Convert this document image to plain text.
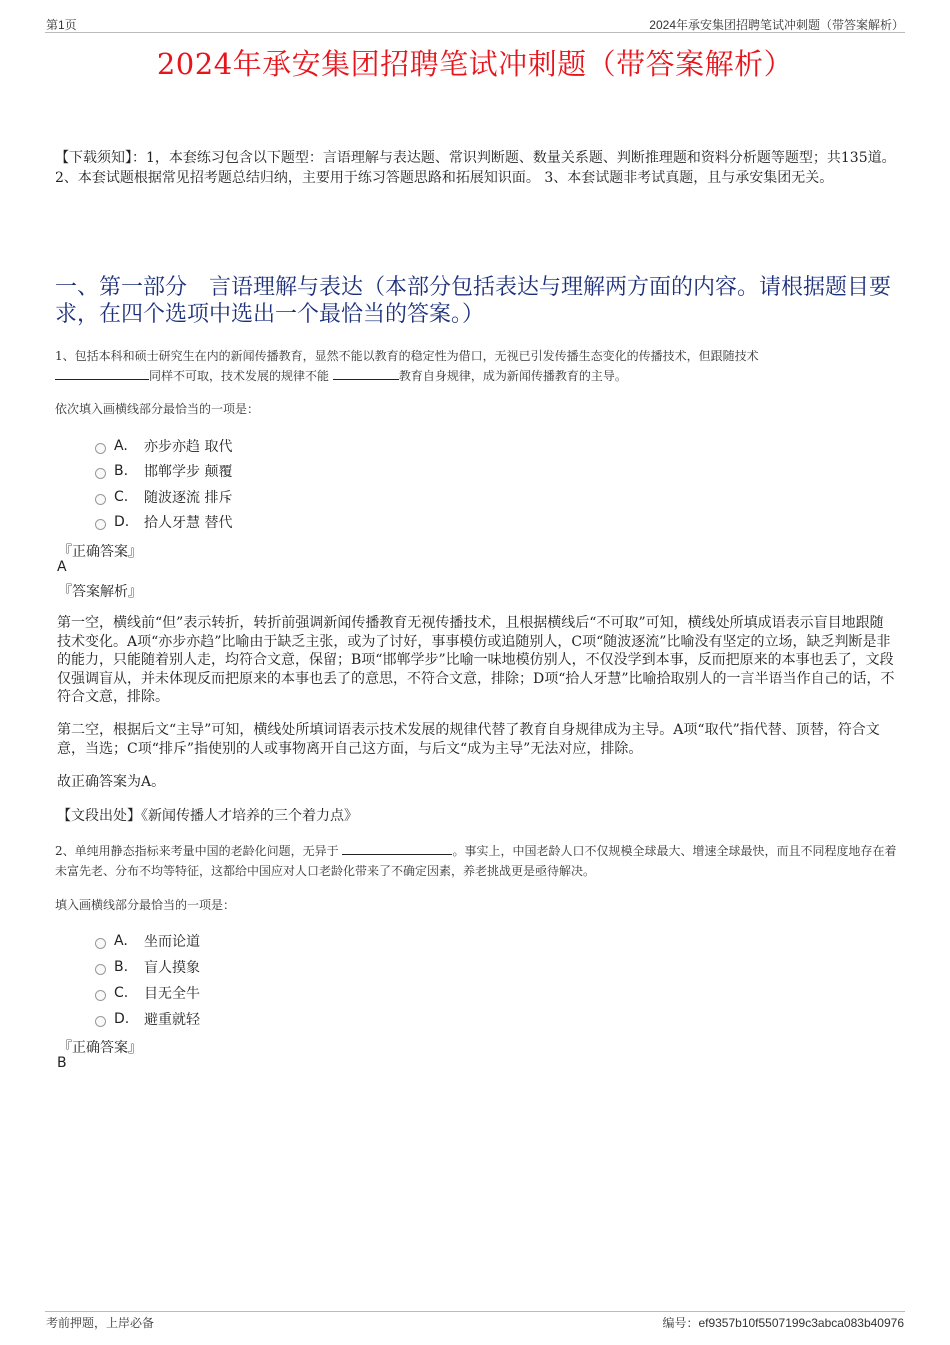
第1页	2024年承安集团招聘笔试冲刺题（带答案解析）
2024年承安集团招聘笔试冲刺题（带答案解析）
【下载须知】：1，本套练习包含以下题型：言语理解与表达题、常识判断题、数量关系题、判断推理题和资料分析题等题型；共135道。 2、本套试题根据常见招考题总结归纳，主要用于练习答题思路和拓展知识面。 3、本套试题非考试真题，且与承安集团无关。
一、第一部分　言语理解与表达（本部分包括表达与理解两方面的内容。请根据题目要求，在四个选项中选出一个最恰当的答案。）
1、包括本科和硕士研究生在内的新闻传播教育，显然不能以教育的稳定性为借口，无视已引发传播生态变化的传播技术，但跟随技术
同样不可取，技术发展的规律不能	教育自身规律，成为新闻传播教育的主导。
依次填入画横线部分最恰当的一项是：
A.	亦步亦趋 取代
B.	邯郸学步 颠覆
C.	随波逐流 排斥
D.	拾人牙慧 替代
『正确答案』
A
『答案解析』
第一空，横线前“但”表示转折，转折前强调新闻传播教育无视传播技术，且根据横线后“不可取”可知，横线处所填成语表示盲目地跟随技术变化。A项“亦步亦趋”比喻由于缺乏主张，或为了讨好，事事模仿或追随别人，C项“随波逐流”比喻没有坚定的立场，缺乏判断是非的能力，只能随着别人走，均符合文意，保留；B项“邯郸学步”比喻一味地模仿别人，不仅没学到本事，反而把原来的本事也丢了，文段仅强调盲从，并未体现反而把原来的本事也丢了的意思，不符合文意，排除；D项“拾人牙慧”比喻拾取别人的一言半语当作自己的话，不符合文意，排除。
第二空，根据后文“主导”可知，横线处所填词语表示技术发展的规律代替了教育自身规律成为主导。A项“取代”指代替、顶替，符合文意，当选；C项“排斥”指使别的人或事物离开自己这方面，与后文“成为主导”无法对应，排除。
故正确答案为A。
【文段出处】《新闻传播人才培养的三个着力点》
2、单纯用静态指标来考量中国的老龄化问题，无异于	。事实上，中国老龄人口不仅规模全球最大、增速全球最快，而且不同程度地存在着未富先老、分布不均等特征，这都给中国应对人口老龄化带来了不确定因素，养老挑战更是亟待解决。
填入画横线部分最恰当的一项是：
A.	坐而论道
B.	盲人摸象
C.	目无全牛
D.	避重就轻
『正确答案』
B
考前押题，上岸必备	编号：ef9357b10f5507199c3abca083b40976
